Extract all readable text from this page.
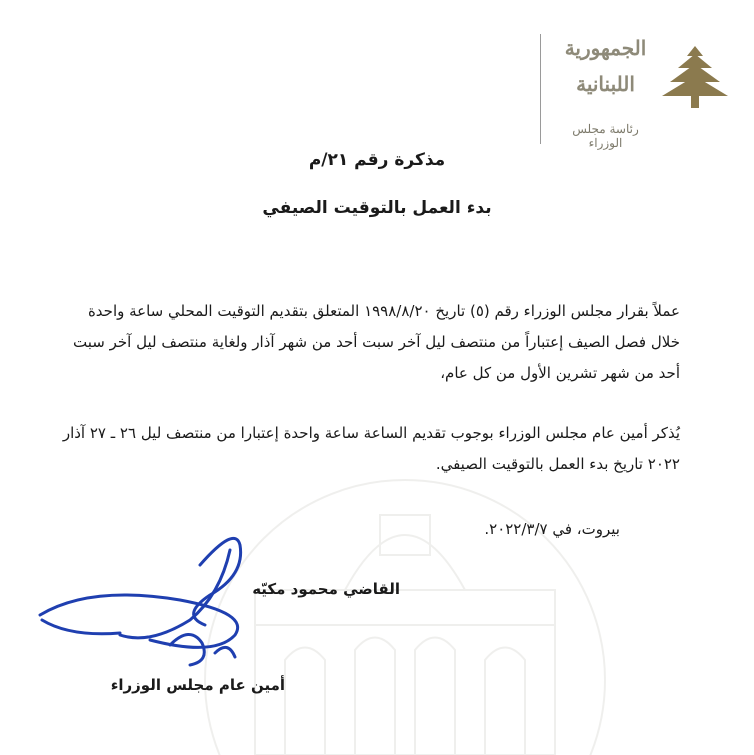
الجمهورية
اللبنانية
رئاسة مجلس الوزراء
مذكرة رقم ٢١/م
بدء العمل بالتوقيت الصيفي
عملاً بقرار مجلس الوزراء رقم (٥) تاريخ ١٩٩٨/٨/٢٠ المتعلق بتقديم التوقيت المحلي ساعة واحدة خلال فصل الصيف إعتباراً من منتصف ليل آخر سبت أحد من شهر آذار ولغاية منتصف ليل آخر سبت أحد من شهر تشرين الأول من كل عام،
يُذكر أمين عام مجلس الوزراء بوجوب تقديم الساعة ساعة واحدة إعتبارا من منتصف ليل ٢٦ ـ ٢٧ آذار ٢٠٢٢ تاريخ بدء العمل بالتوقيت الصيفي.
بيروت، في ٢٠٢٢/٣/٧.
القاضي محمود مكيّه
أمين عام مجلس الوزراء
